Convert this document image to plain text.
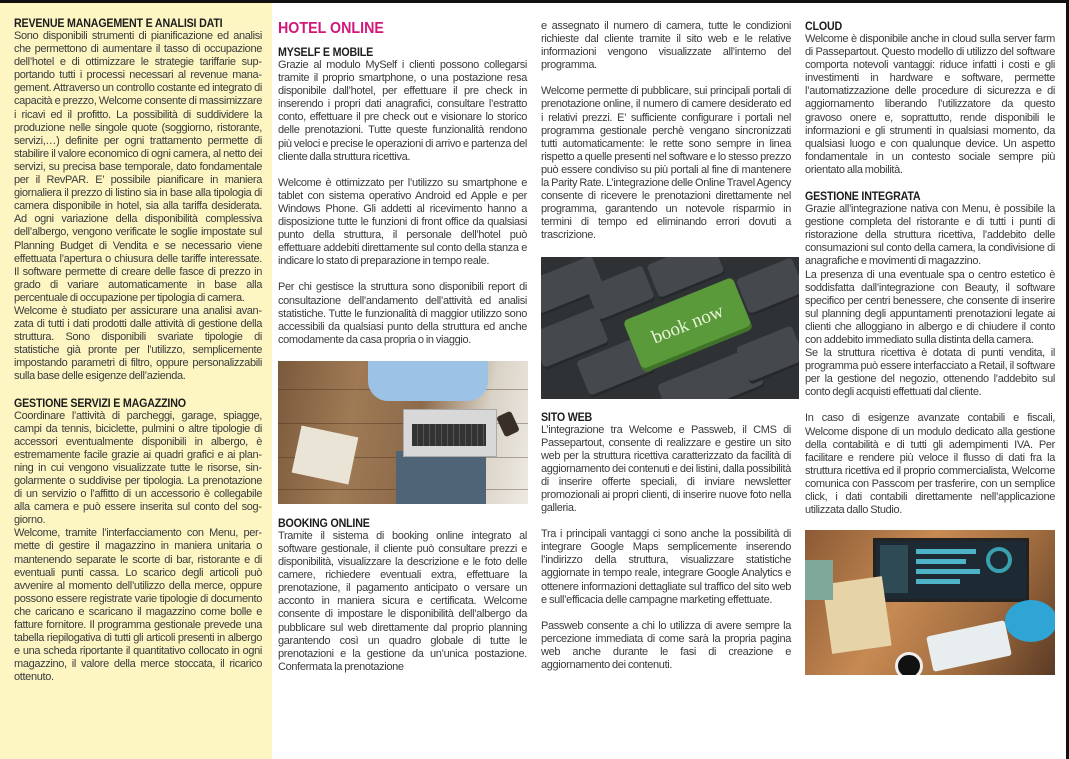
REVENUE MANAGEMENT E ANALISI DATI

Sono disponibili strumenti di pianificazione ed analisi che permettono di aumentare il tasso di occupazione dell’hotel e di ottimizzare le strategie tariffarie supportando tutti i processi necessari al revenue management. Attraverso un controllo costante ed integrato di capacità e prezzo, Welcome consente di massimizzare i ricavi ed il profitto. La possibilità di suddividere la produzione nelle singole quote (soggiorno, ristorante, servizi,…) definite per ogni trattamento permette di stabilire il valore economico di ogni camera, al netto dei servizi, su precisa base temporale, dato fondamentale per il RevPAR. E’ possibile pianificare in maniera giornaliera il prezzo di listino sia in base alla tipologia di camera disponibile in hotel, sia alla tariffa desiderata. Ad ogni variazione della disponibilità complessiva dell’albergo, vengono verificate le soglie impostate sul Planning Budget di Vendita e se necessario viene effettuata l’apertura o chiusura delle tariffe interessate. Il software permette di creare delle fasce di prezzo in grado di variare automaticamente in base alla percentuale di occupazione per tipologia di camera.

Welcome è studiato per assicurare una analisi avanzata di tutti i dati prodotti dalle attività di gestione della struttura. Sono disponibili svariate tipologie di statistiche già pronte per l’utilizzo, semplicemente impostando parametri di filtro, oppure personalizzabili sulla base delle esigenze dell’azienda.

GESTIONE SERVIZI E MAGAZZINO

Coordinare l’attività di parcheggi, garage, spiagge, campi da tennis, biciclette, pulmini o altre tipologie di accessori eventualmente disponibili in albergo, è estremamente facile grazie ai quadri grafici e ai planning in cui vengono visualizzate tutte le risorse, singolarmente o suddivise per tipologia. La prenotazione di un servizio o l’affitto di un accessorio è collegabile alla camera e può essere inserita sul conto del soggiorno.

Welcome, tramite l’interfacciamento con Menu, permette di gestire il magazzino in maniera unitaria o mantenendo separate le scorte di bar, ristorante e di eventuali punti cassa. Lo scarico degli articoli può avvenire al momento dell’utilizzo della merce, oppure possono essere registrate varie tipologie di documento che caricano e scaricano il magazzino come bolle e fatture fornitore. Il programma gestionale prevede una tabella riepilogativa di tutti gli articoli presenti in albergo e una scheda riportante il quantitativo collocato in ogni magazzino, il valore della merce stoccata, il ricarico ottenuto.

HOTEL ONLINE
MYSELF E MOBILE

Grazie al modulo MySelf i clienti possono collegarsi tramite il proprio smartphone, o una postazione resa disponibile dall’hotel, per effettuare il pre check in inserendo i propri dati anagrafici, consultare l’estratto conto, effettuare il pre check out e visionare lo storico delle prenotazioni. Tutte queste funzionalità rendono più veloci e precise le operazioni di arrivo e partenza del cliente dalla struttura ricettiva.

Welcome è ottimizzato per l’utilizzo su smartphone e tablet con sistema operativo Android ed Apple e per Windows Phone. Gli addetti al ricevimento hanno a disposizione tutte le funzioni di front office da qualsiasi punto della struttura, il personale dell’hotel può effettuare addebiti direttamente sul conto della stanza e indicare lo stato di preparazione in tempo reale.

Per chi gestisce la struttura sono disponibili report di consultazione dell’andamento dell’attività ed analisi statistiche. Tutte le funzionalità di maggior utilizzo sono accessibili da qualsiasi punto della struttura ed anche comodamente da casa propria o in viaggio.

BOOKING ONLINE

Tramite il sistema di booking online integrato al software gestionale, il cliente può consultare prezzi e disponibilità, visualizzare la descrizione e le foto delle camere, richiedere eventuali extra, effettuare la prenotazione, il pagamento anticipato o versare un acconto in maniera sicura e certificata. Welcome consente di impostare le disponibilità dell’albergo da pubblicare sul web direttamente dal proprio planning garantendo così un quadro globale di tutte le prenotazioni e la gestione da un’unica postazione. Confermata la prenotazione

e assegnato il numero di camera, tutte le condizioni richieste dal cliente tramite il sito web e le relative informazioni vengono visualizzate all’interno del programma.

Welcome permette di pubblicare, sui principali portali di prenotazione online, il numero di camere desiderato ed i relativi prezzi. E’ sufficiente configurare i portali nel programma gestionale perchè vengano sincronizzati tutti automaticamente: le rette sono sempre in linea rispetto a quelle presenti nel software e lo stesso prezzo può essere condiviso su più portali al fine di mantenere la Parity Rate. L’integrazione delle Online Travel Agency consente di ricevere le prenotazioni direttamente nel programma, garantendo un notevole risparmio in termini di tempo ed eliminando errori dovuti a trascrizione.

book now
SITO WEB

L’integrazione tra Welcome e Passweb, il CMS di Passepartout, consente di realizzare e gestire un sito web per la struttura ricettiva caratterizzato da facilità di aggiornamento dei contenuti e dei listini, dalla possibilità di inserire offerte speciali, di inviare newsletter promozionali ai propri clienti, di inserire nuove foto nella galleria.

Tra i principali vantaggi ci sono anche la possibilità di integrare Google Maps semplicemente inserendo l’indirizzo della struttura, visualizzare statistiche aggiornate in tempo reale, integrare Google Analytics e ottenere informazioni dettagliate sul traffico del sito web e sull’efficacia delle campagne marketing effettuate.

Passweb consente a chi lo utilizza di avere sempre la percezione immediata di come sarà la propria pagina web anche durante le fasi di creazione e aggiornamento dei contenuti.

CLOUD

Welcome è disponibile anche in cloud sulla server farm di Passepartout. Questo modello di utilizzo del software comporta notevoli vantaggi: riduce infatti i costi e gli investimenti in hardware e software, permette l’automatizzazione delle procedure di sicurezza e di aggiornamento liberando l’utilizzatore da questo gravoso onere e, soprattutto, rende disponibili le informazioni e gli strumenti in qualsiasi momento, da qualsiasi luogo e con qualunque device. Un aspetto fondamentale in un contesto sociale sempre più orientato alla mobilità.

GESTIONE INTEGRATA

Grazie all’integrazione nativa con Menu, è possibile la gestione completa del ristorante e di tutti i punti di ristorazione della struttura ricettiva, l’addebito delle consumazioni sul conto della camera, la condivisione di anagrafiche e movimenti di magazzino.

La presenza di una eventuale spa o centro estetico è soddisfatta dall’integrazione con Beauty, il software specifico per centri benessere, che consente di inserire sul planning degli appuntamenti prenotazioni legate ai clienti che alloggiano in albergo e di chiudere il conto con addebito immediato sulla distinta della camera.

Se la struttura ricettiva è dotata di punti vendita, il programma può essere interfacciato a Retail, il software per la gestione del negozio, ottenendo l’addebito sul conto degli acquisti effettuati dal cliente.

In caso di esigenze avanzate contabili e fiscali, Welcome dispone di un modulo dedicato alla gestione della contabilità e di tutti gli adempimenti IVA. Per facilitare e rendere più veloce il flusso di dati fra la struttura ricettiva ed il proprio commercialista, Welcome comunica con Passcom per trasferire, con un semplice click, i dati contabili direttamente nell’applicazione utilizzata dallo Studio.
